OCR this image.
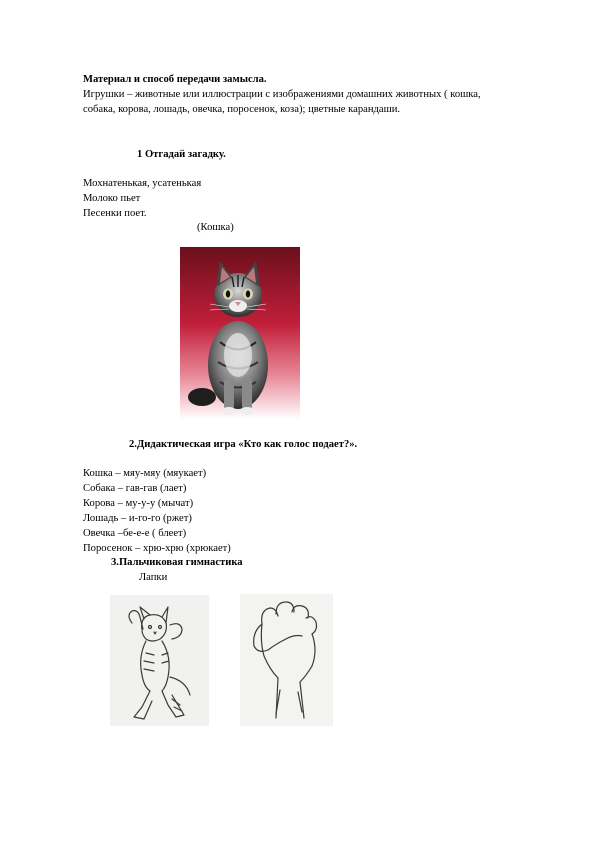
Материал и способ передачи замысла.
Игрушки – животные или иллюстрации с изображениями домашних животных ( кошка,
собака, корова, лошадь, овечка, поросенок, коза); цветные карандаши.
1 Отгадай загадку.
Мохнатенькая, усатенькая
Молоко пьет
Песенки поет.
(Кошка)
2.Дидактическая игра «Кто как голос подает?».
Кошка – мяу-мяу (мяукает)
Собака – гав-гав (лает)
Корова – му-у-у (мычат)
Лошадь – и-го-го (ржет)
Овечка –бе-е-е ( блеет)
Поросенок – хрю-хрю (хрюкает)
3.Пальчиковая гимнастика
Лапки
